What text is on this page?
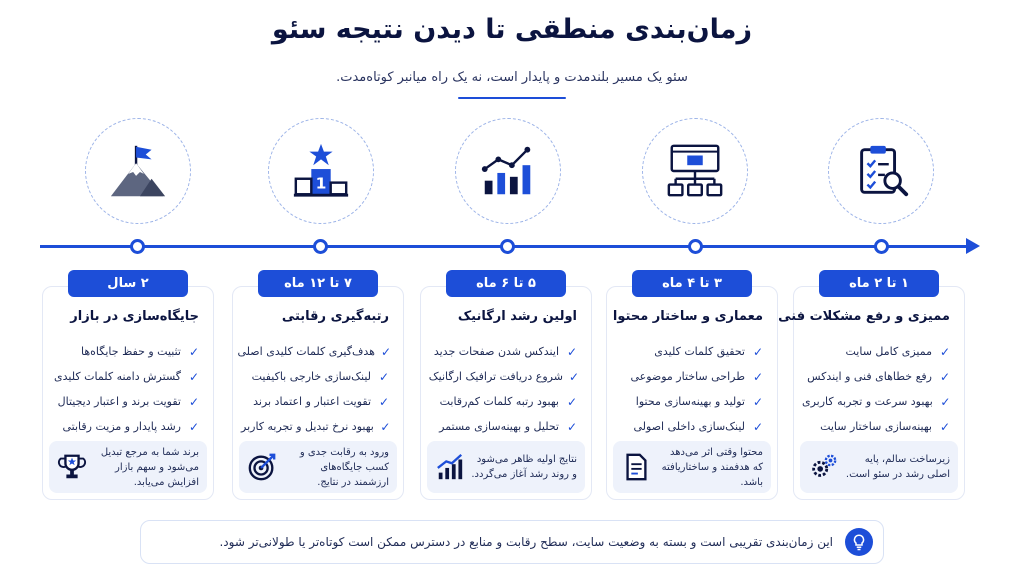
زمان‌بندی منطقی تا دیدن نتیجه سئو
سئو یک مسیر بلندمدت و پایدار است، نه یک راه میانبر کوتاه‌مدت.
1
ممیزی و رفع مشکلات فنی
✓
ممیزی کامل سایت
✓
رفع خطاهای فنی و ایندکس
✓
بهبود سرعت و تجربه کاربری
✓
بهینه‌سازی ساختار سایت
زیرساخت سالم، پایه اصلی رشد در سئو است.
معماری و ساختار محتوا
✓
تحقیق کلمات کلیدی
✓
طراحی ساختار موضوعی
✓
تولید و بهینه‌سازی محتوا
✓
لینک‌سازی داخلی اصولی
محتوا وقتی اثر می‌دهد که هدفمند و ساختاریافته باشد.
اولین رشد ارگانیک
✓
ایندکس شدن صفحات جدید
✓
شروع دریافت ترافیک ارگانیک
✓
بهبود رتبه کلمات کم‌رقابت
✓
تحلیل و بهینه‌سازی مستمر
نتایج اولیه ظاهر می‌شود و روند رشد آغاز می‌گردد.
رتبه‌گیری رقابتی
✓
هدف‌گیری کلمات کلیدی اصلی
✓
لینک‌سازی خارجی باکیفیت
✓
تقویت اعتبار و اعتماد برند
✓
بهبود نرخ تبدیل و تجربه کاربر
ورود به رقابت جدی و کسب جایگاه‌های ارزشمند در نتایج.
جایگاه‌سازی در بازار
✓
تثبیت و حفظ جایگاه‌ها
✓
گسترش دامنه کلمات کلیدی
✓
تقویت برند و اعتبار دیجیتال
✓
رشد پایدار و مزیت رقابتی
برند شما به مرجع تبدیل می‌شود و سهم بازار افزایش می‌یابد.
۱ تا ۲ ماه
۳ تا ۴ ماه
۵ تا ۶ ماه
۷ تا ۱۲ ماه
۲ سال
این زمان‌بندی تقریبی است و بسته به وضعیت سایت، سطح رقابت و منابع در دسترس ممکن است کوتاه‌تر یا طولانی‌تر شود.
